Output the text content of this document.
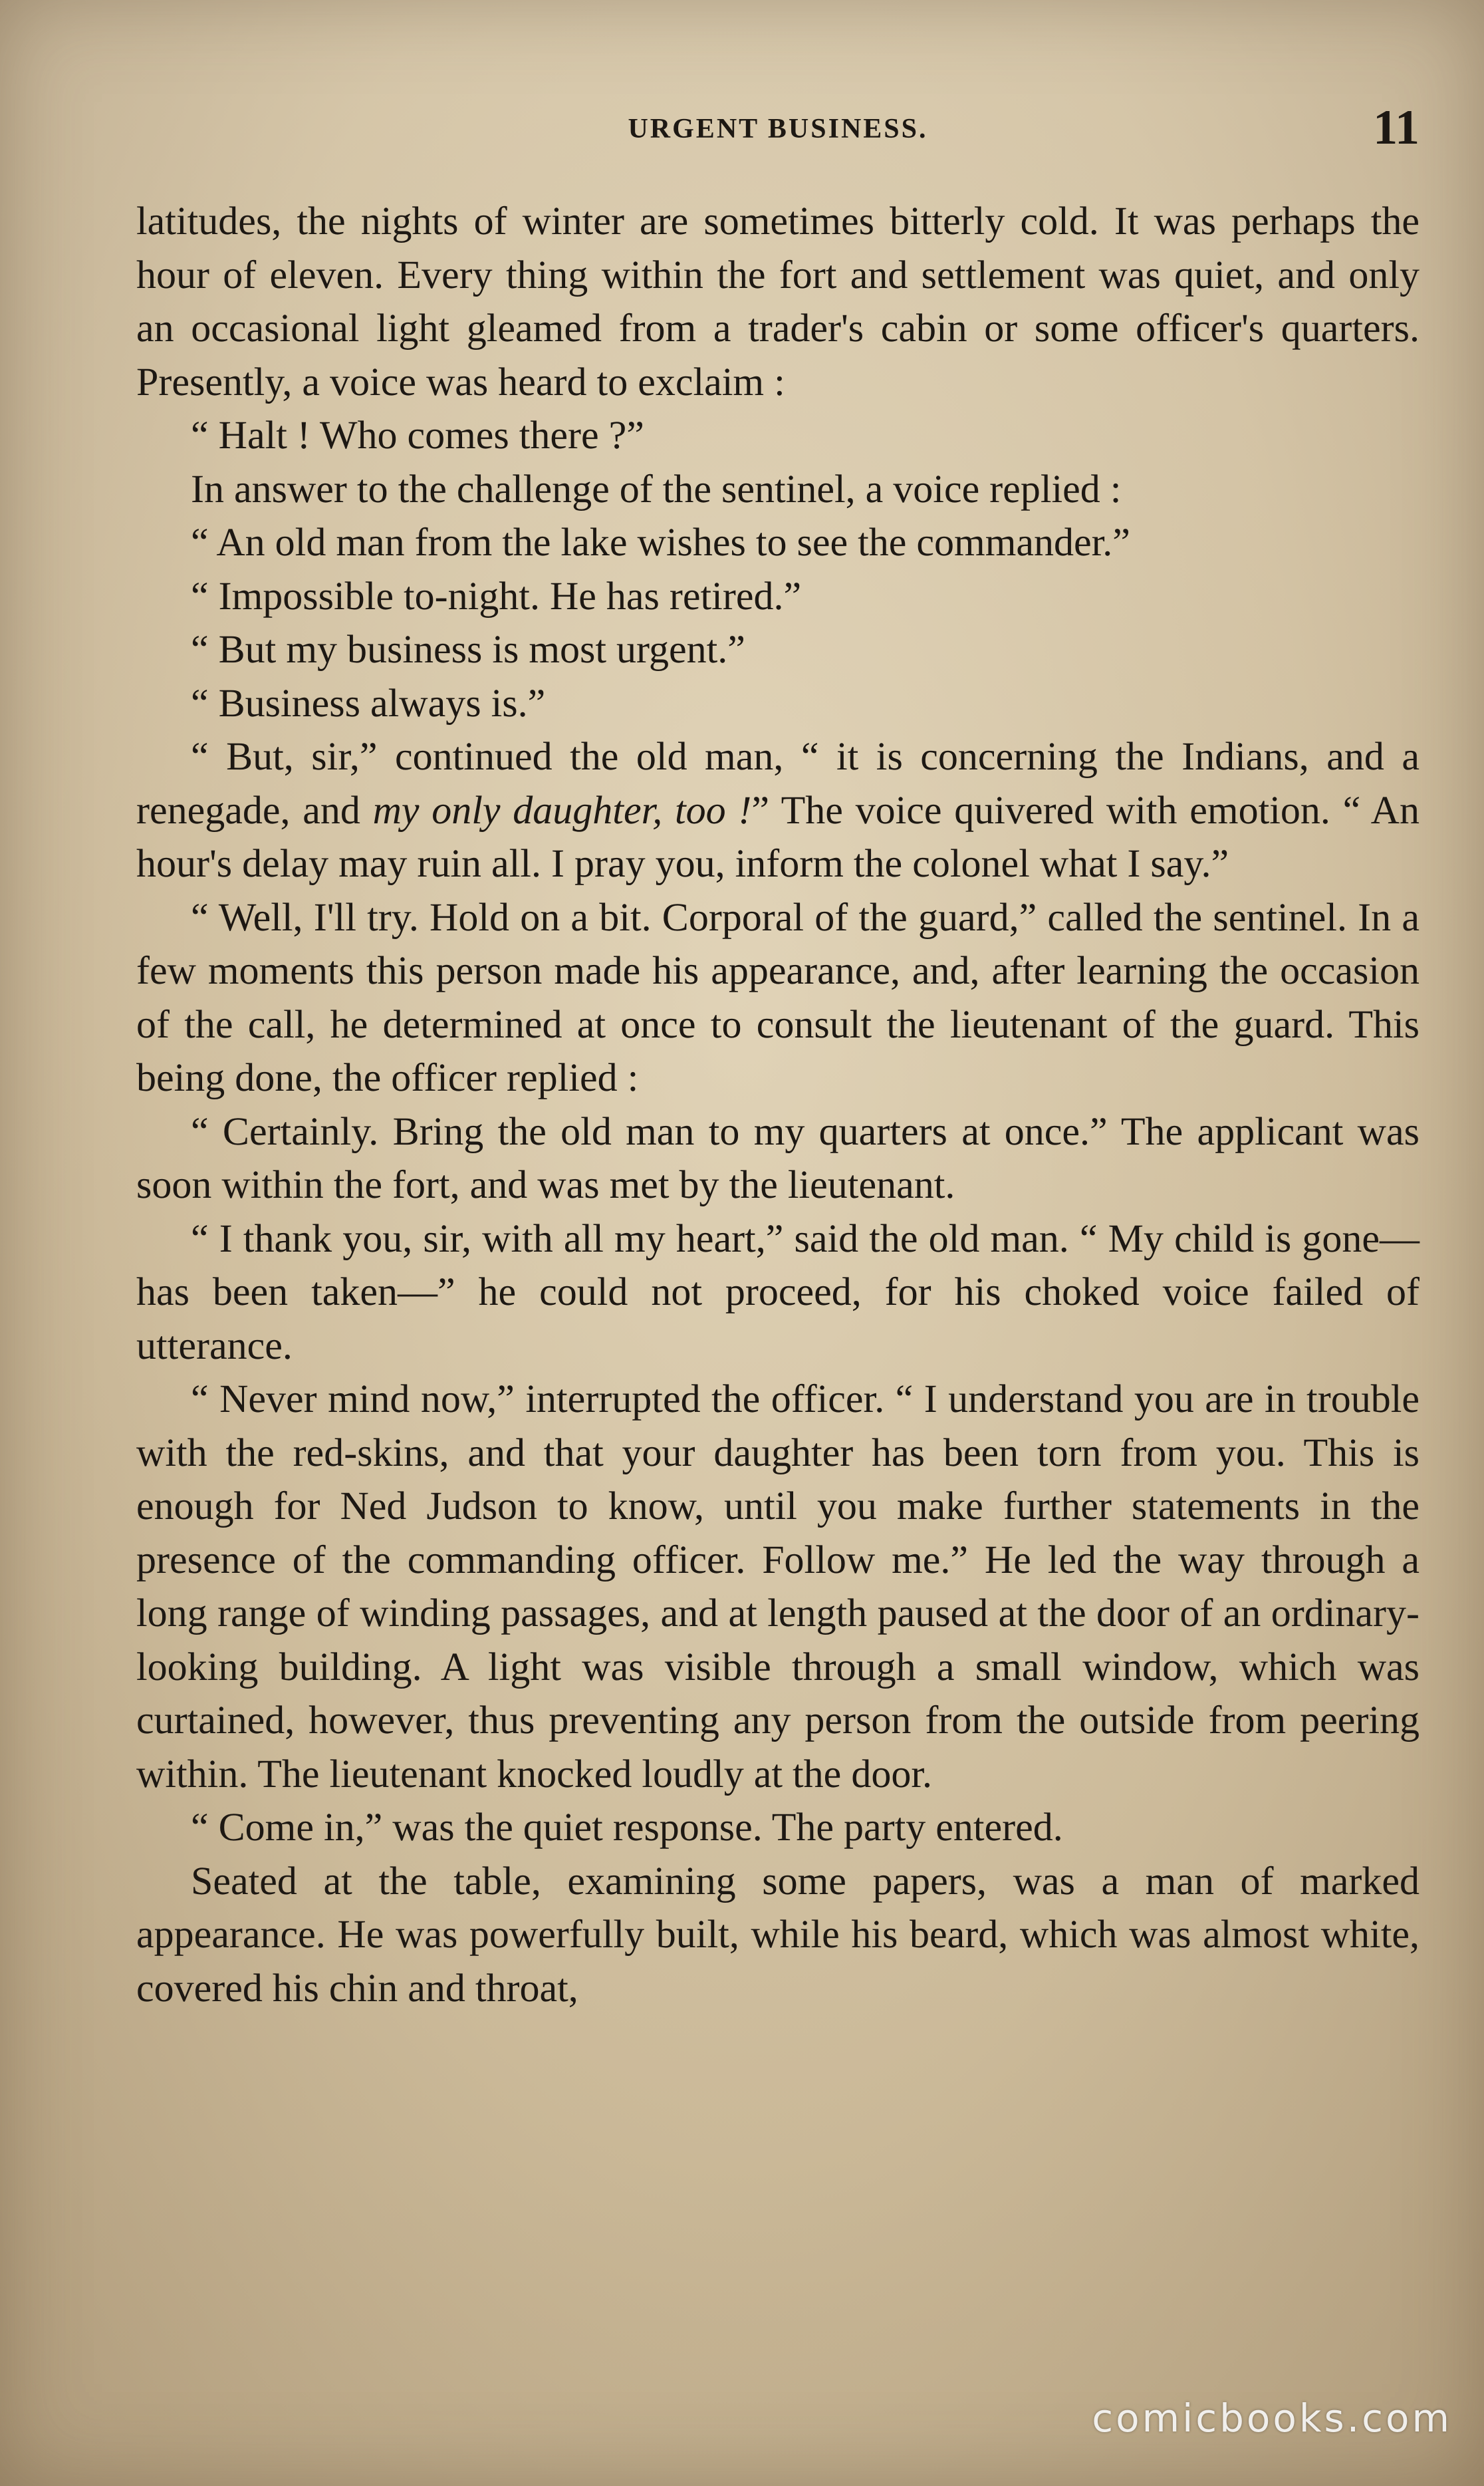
URGENT BUSINESS.	11

latitudes, the nights of winter are sometimes bitterly cold. It was perhaps the hour of eleven. Every thing within the fort and settlement was quiet, and only an occasional light gleamed from a trader's cabin or some officer's quarters. Presently, a voice was heard to exclaim :

“ Halt ! Who comes there ?”

In answer to the challenge of the sentinel, a voice replied :

“ An old man from the lake wishes to see the commander.”

“ Impossible to-night. He has retired.”

“ But my business is most urgent.”

“ Business always is.”

“ But, sir,” continued the old man, “ it is concerning the Indians, and a renegade, and my only daughter, too !” The voice quivered with emotion. “ An hour's delay may ruin all. I pray you, inform the colonel what I say.”

“ Well, I'll try. Hold on a bit. Corporal of the guard,” called the sentinel. In a few moments this person made his appearance, and, after learning the occasion of the call, he determined at once to consult the lieutenant of the guard. This being done, the officer replied :

“ Certainly. Bring the old man to my quarters at once.” The applicant was soon within the fort, and was met by the lieutenant.

“ I thank you, sir, with all my heart,” said the old man. “ My child is gone—has been taken—” he could not proceed, for his choked voice failed of utterance.

“ Never mind now,” interrupted the officer. “ I understand you are in trouble with the red-skins, and that your daughter has been torn from you. This is enough for Ned Judson to know, until you make further statements in the presence of the commanding officer. Follow me.” He led the way through a long range of winding passages, and at length paused at the door of an ordinary-looking building. A light was visible through a small window, which was curtained, however, thus preventing any person from the outside from peering within. The lieutenant knocked loudly at the door.

“ Come in,” was the quiet response. The party entered.

Seated at the table, examining some papers, was a man of marked appearance. He was powerfully built, while his beard, which was almost white, covered his chin and throat,

comicbooks.com
